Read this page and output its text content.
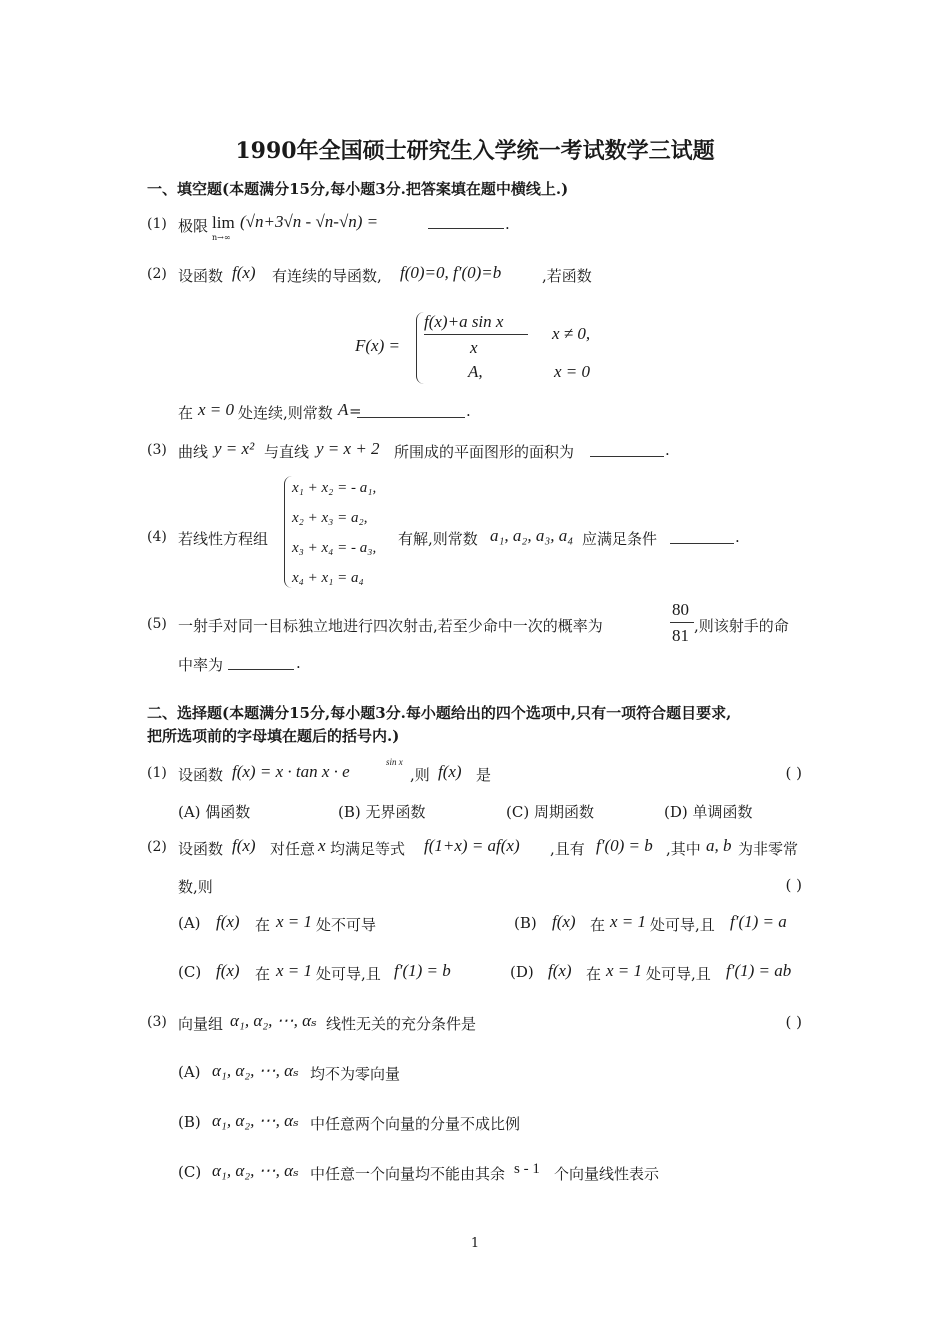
1990年全国硕士研究生入学统一考试数学三试题
一、填空题(本题满分15分,每小题3分.把答案填在题中横线上.)
(1) 极限 lim
n→∞
(√n+3√n - √n-√n) =	.
(2) 设函数 f(x) 有连续的导函数, f(0)=0, f′(0)=b	,若函数
F(x) =
f(x)+a sin x
x
x ≠ 0,
A,	x = 0
在 x = 0 处连续,则常数 A =	.
(3) 曲线 y = x² 与直线 y = x + 2 所围成的平面图形的面积为	.
(4) 若线性方程组
x₁ + x₂ = - a₁,
x₂ + x₃ = a₂,
x₃ + x₄ = - a₃,
x₄ + x₁ = a₄
有解,则常数 a₁, a₂, a₃, a₄ 应满足条件	.
(5) 一射手对同一目标独立地进行四次射击,若至少命中一次的概率为
80
81 ,则该射手的命
中率为	.
二、选择题(本题满分15分,每小题3分.每小题给出的四个选项中,只有一项符合题目要求,
把所选项前的字母填在题后的括号内.)
(1) 设函数 f(x) = x · tan x · e	sin x
,则 f(x) 是	( )
(A) 偶函数	(B) 无界函数	(C) 周期函数	(D) 单调函数
(2) 设函数 f(x) 对任意 x 均满足等式 f(1+x) = af(x) ,且有 f′(0) = b ,其中 a, b 为非零常
数,则	( )
(A) f(x) 在 x = 1 处不可导	(B) f(x) 在 x = 1 处可导,且 f′(1) = a
(C) f(x) 在 x = 1 处可导,且 f′(1) = b	(D) f(x) 在 x = 1 处可导,且 f′(1) = ab
(3) 向量组 α₁, α₂, ⋯, αₛ 线性无关的充分条件是	( )
(A) α₁, α₂, ⋯, αₛ 均不为零向量
(B) α₁, α₂, ⋯, αₛ 中任意两个向量的分量不成比例
(C) α₁, α₂, ⋯, αₛ 中任意一个向量均不能由其余 s - 1 个向量线性表示
1
